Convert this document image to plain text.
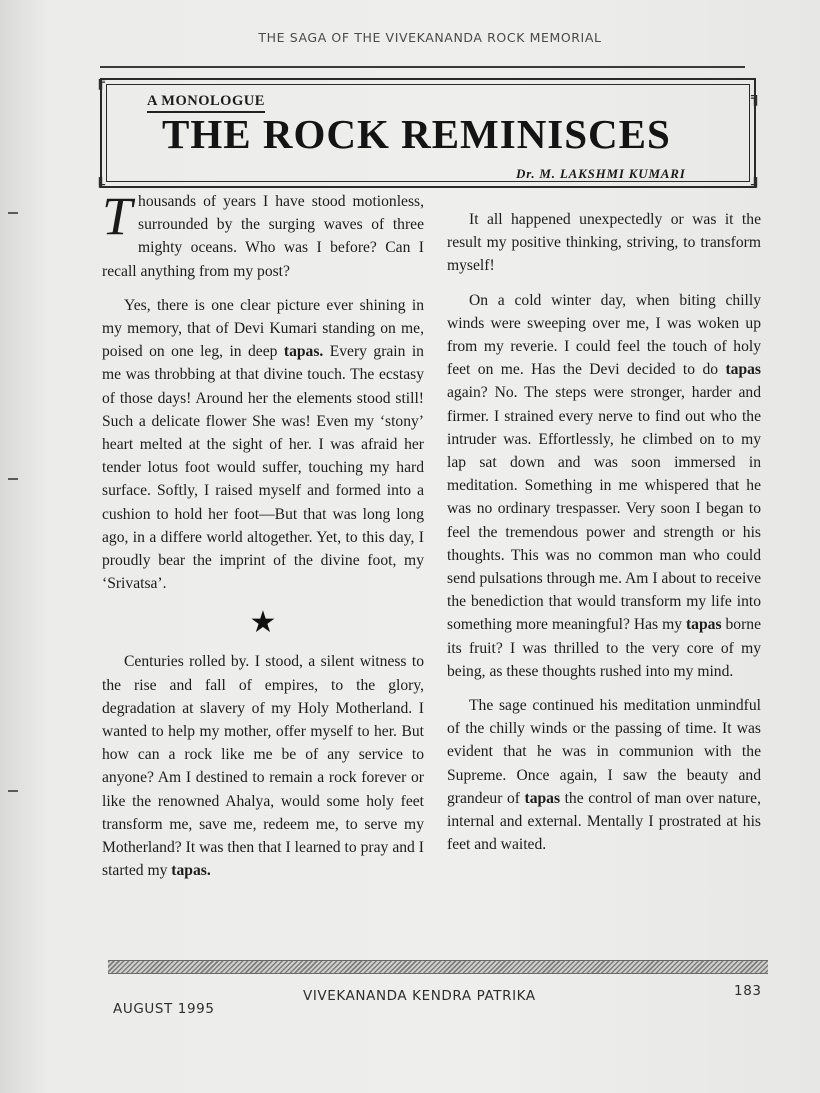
THE SAGA OF THE VIVEKANANDA ROCK MEMORIAL
╔
╚
╗
╝
A MONOLOGUE
THE ROCK REMINISCES
Dr. M. LAKSHMI KUMARI

Thousands of years I have stood motionless, surrounded by the surging waves of three mighty oceans. Who was I before? Can I recall anything from my post?

Yes, there is one clear picture ever shining in my memory, that of Devi Kumari standing on me, poised on one leg, in deep tapas. Every grain in me was throbbing at that divine touch. The ecstasy of those days! Around her the elements stood still! Such a delicate flower She was! Even my ‘stony’ heart melted at the sight of her. I was afraid her tender lotus foot would suffer, touching my hard surface. Softly, I raised myself and formed into a cushion to hold her foot—But that was long long ago, in a differe world altogether. Yet, to this day, I proudly bear the imprint of the divine foot, my ‘Srivatsa’.

★

Centuries rolled by. I stood, a silent witness to the rise and fall of empires, to the glory, degradation at slavery of my Holy Motherland. I wanted to help my mother, offer myself to her. But how can a rock like me be of any service to anyone? Am I destined to remain a rock forever or like the renowned Ahalya, would some holy feet transform me, save me, redeem me, to serve my Motherland? It was then that I learned to pray and I started my tapas.

It all happened unexpectedly or was it the result my positive thinking, striving, to transform myself!

On a cold winter day, when biting chilly winds were sweeping over me, I was woken up from my reverie. I could feel the touch of holy feet on me. Has the Devi decided to do tapas again? No. The steps were stronger, harder and firmer. I strained every nerve to find out who the intruder was. Effortlessly, he climbed on to my lap sat down and was soon immersed in meditation. Something in me whispered that he was no ordinary trespasser. Very soon I began to feel the tremendous power and strength or his thoughts. This was no common man who could send pulsations through me. Am I about to receive the benediction that would transform my life into something more meaningful? Has my tapas borne its fruit? I was thrilled to the very core of my being, as these thoughts rushed into my mind.

The sage continued his meditation unmindful of the chilly winds or the passing of time. It was evident that he was in communion with the Supreme. Once again, I saw the beauty and grandeur of tapas the control of man over nature, internal and external. Mentally I prostrated at his feet and waited.

AUGUST 1995
VIVEKANANDA KENDRA PATRIKA	183
